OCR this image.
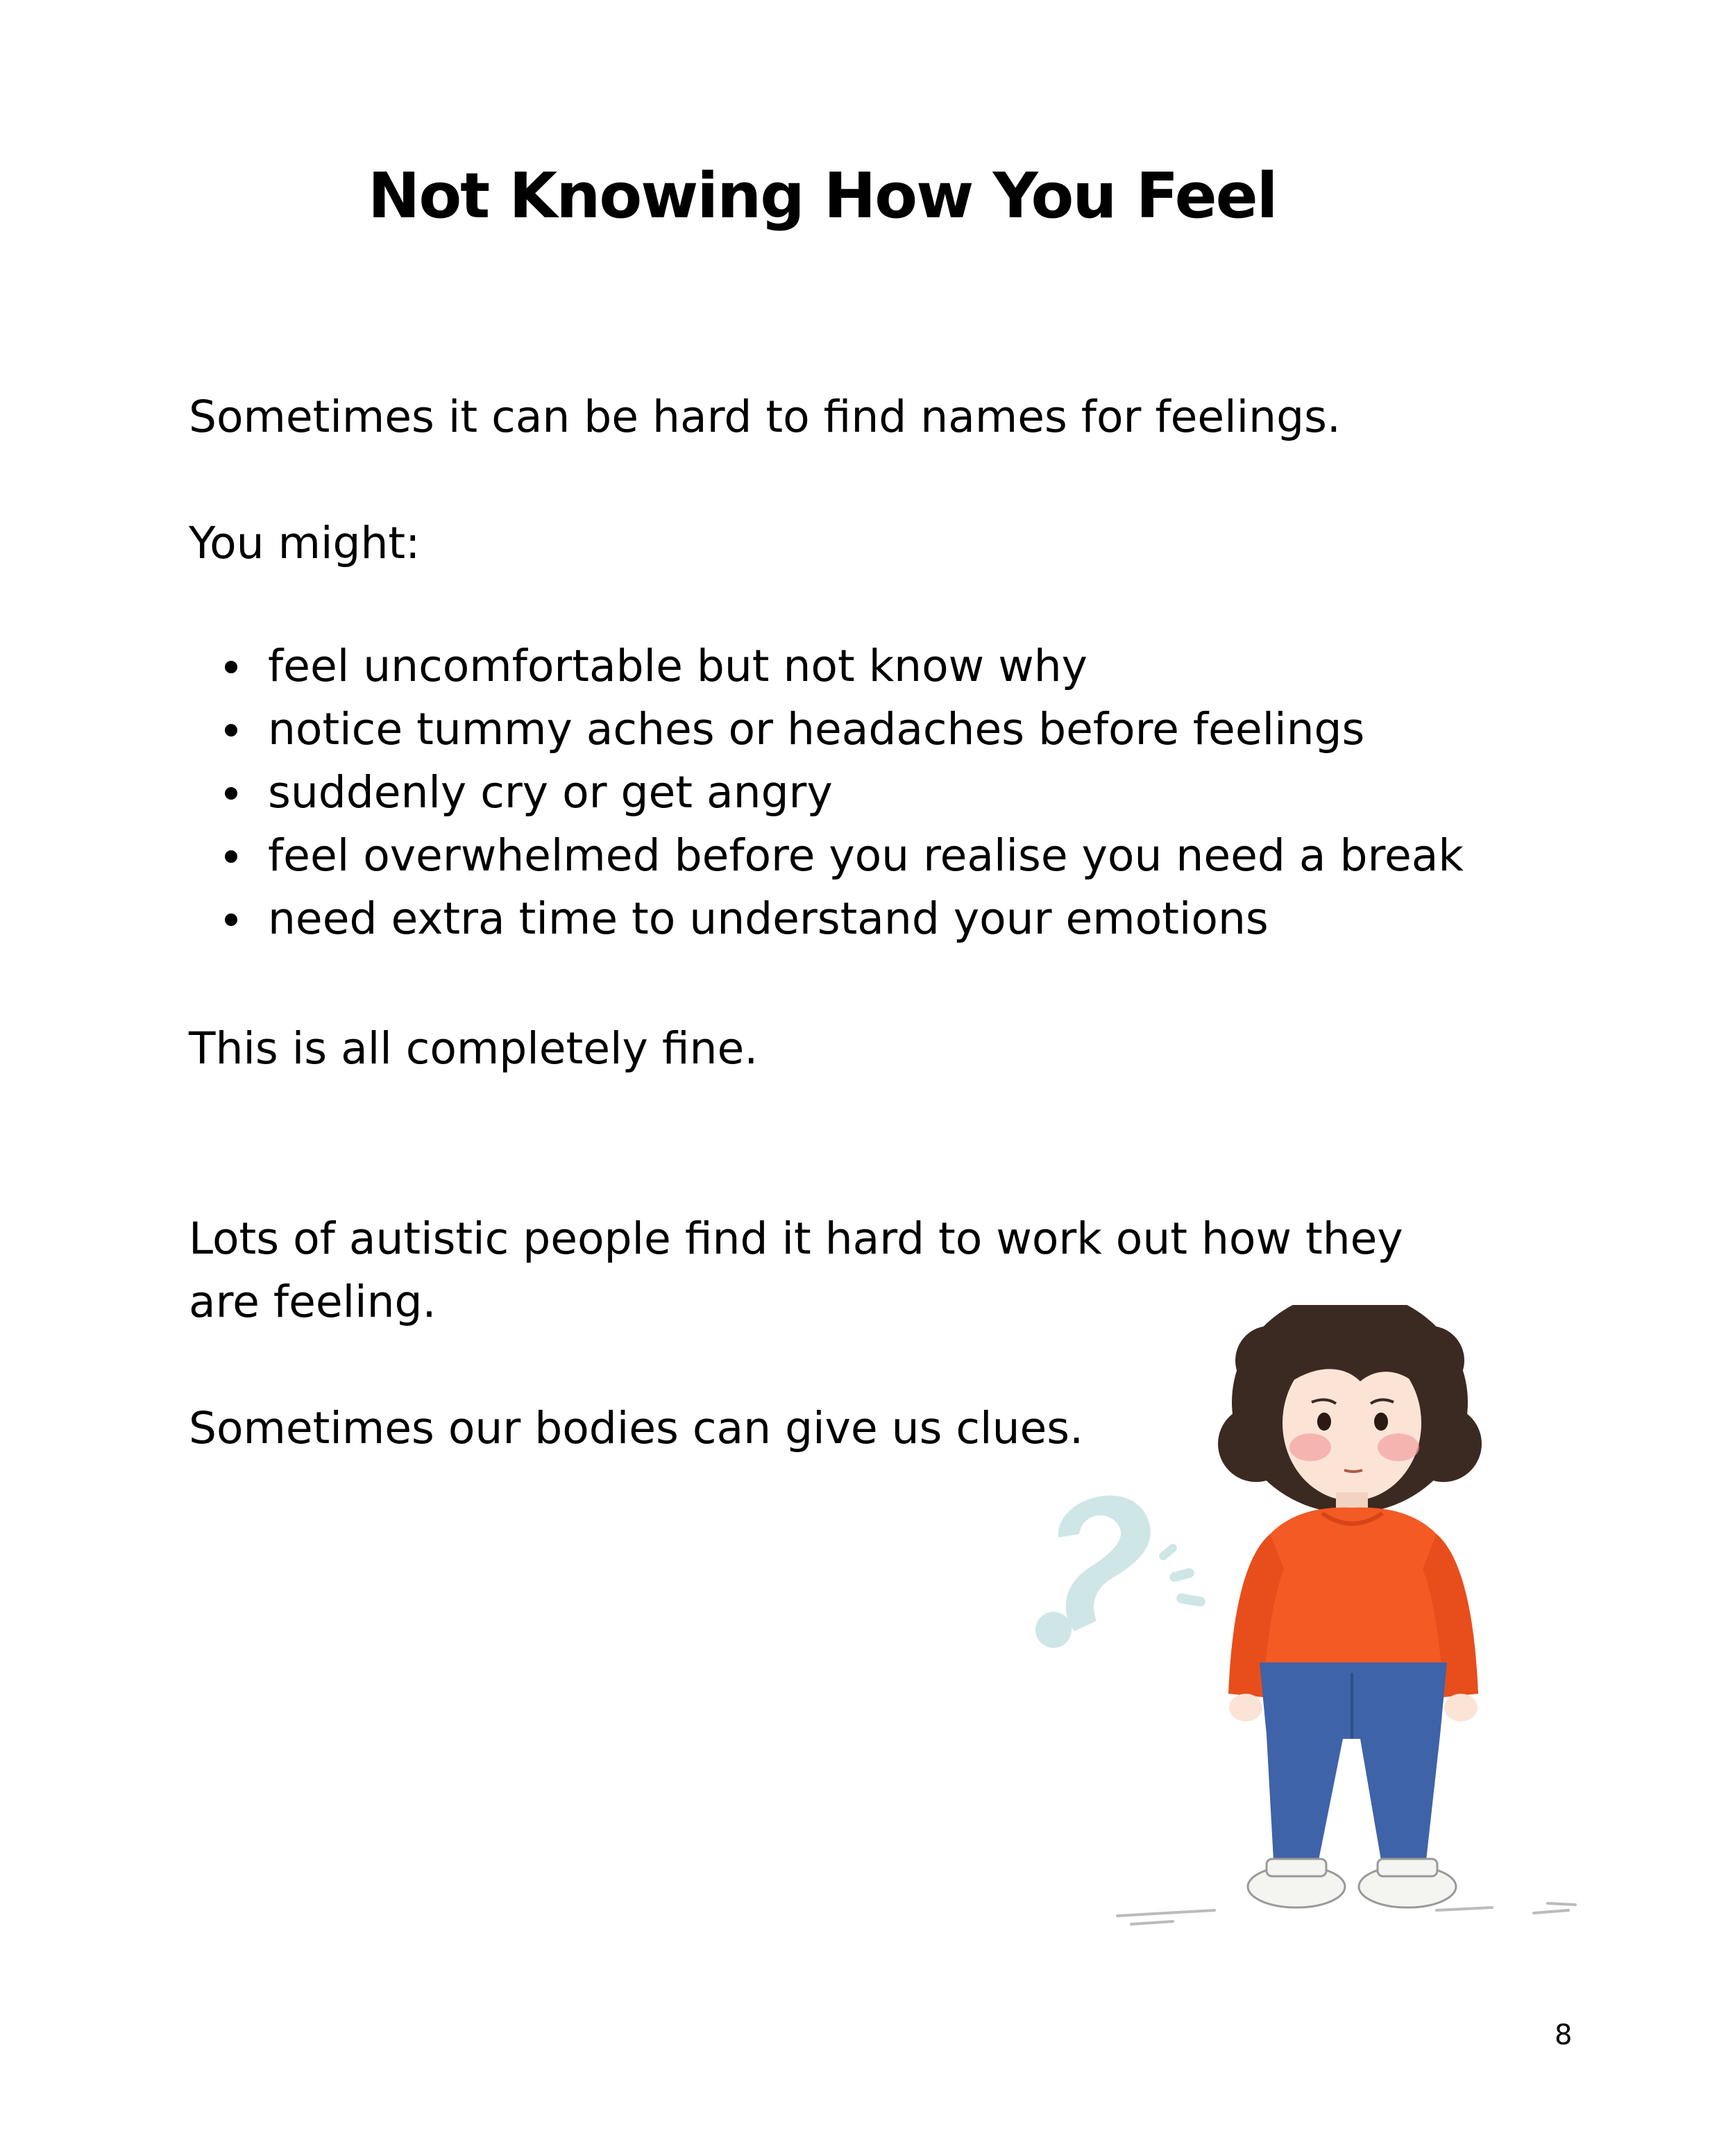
Not Knowing How You Feel

Sometimes it can be hard to find names for feelings.

You might:

feel uncomfortable but not know why
notice tummy aches or headaches before feelings
suddenly cry or get angry
feel overwhelmed before you realise you need a break
need extra time to understand your emotions

This is all completely fine.

Lots of autistic people find it hard to work out how they

are feeling.

Sometimes our bodies can give us clues.

8
